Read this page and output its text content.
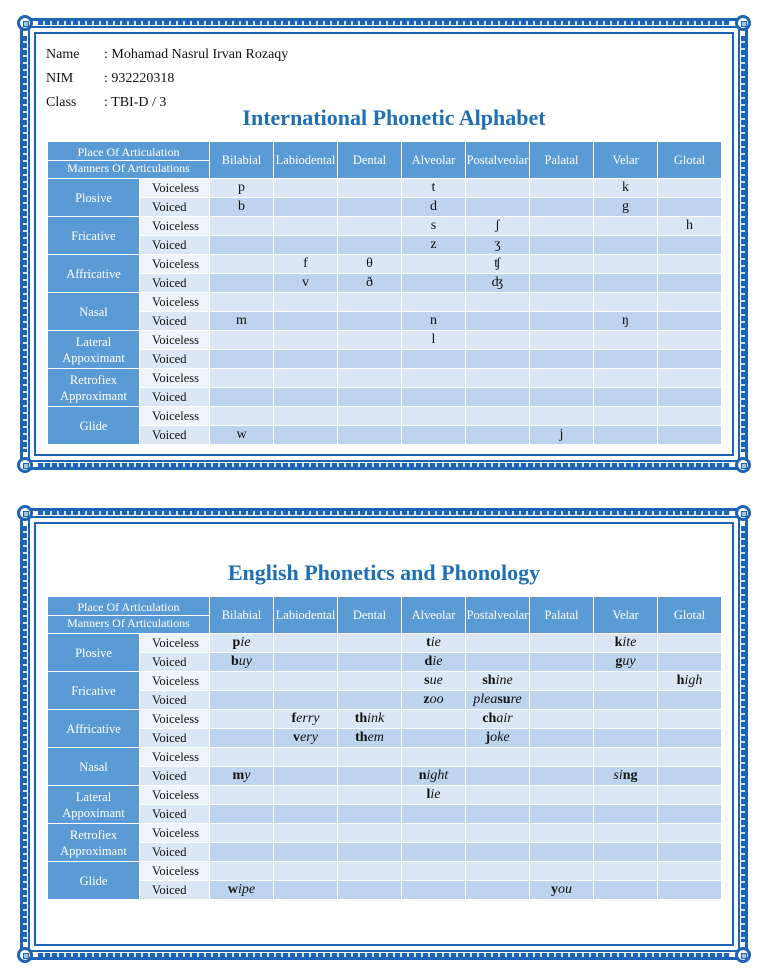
Name	: Mohamad Nasrul Irvan Rozaqy
NIM	: 932220318
Class	: TBI-D / 3
International Phonetic Alphabet
Place Of Articulation
Manners Of Articulations		Bilabial	Labiodental	Dental	Alveolar	Postalveolar	Palatal	Velar	Glotal

Plosive	Voiceless	p			t			k	
	Voiced	b			d			g	

Fricative	Voiceless				s	ʃ			h
	Voiced				z	ʒ			

Affricative	Voiceless		f	θ		ʧ			
	Voiced		v	ð		ʤ			

Nasal	Voiceless								
	Voiced	m			n			ŋ	

Lateral
Appoximant	Voiceless				l				
	Voiced								

Retrofiex
Approximant	Voiceless								
	Voiced								

Glide	Voiceless								
	Voiced	w					j		
English Phonetics and Phonology
Place Of Articulation
Manners Of Articulations		Bilabial	Labiodental	Dental	Alveolar	Postalveolar	Palatal	Velar	Glotal

Plosive	Voiceless	pie			tie			kite	
	Voiced	buy			die			guy	

Fricative	Voiceless				sue	shine			high
	Voiced				zoo	pleasure			

Affricative	Voiceless		ferry	think		chair			
	Voiced		very	them		joke			

Nasal	Voiceless								
	Voiced	my			night			sing	

Lateral
Appoximant	Voiceless				lie				
	Voiced								

Retrofiex
Approximant	Voiceless								
	Voiced								

Glide	Voiceless								
	Voiced	wipe					you		
